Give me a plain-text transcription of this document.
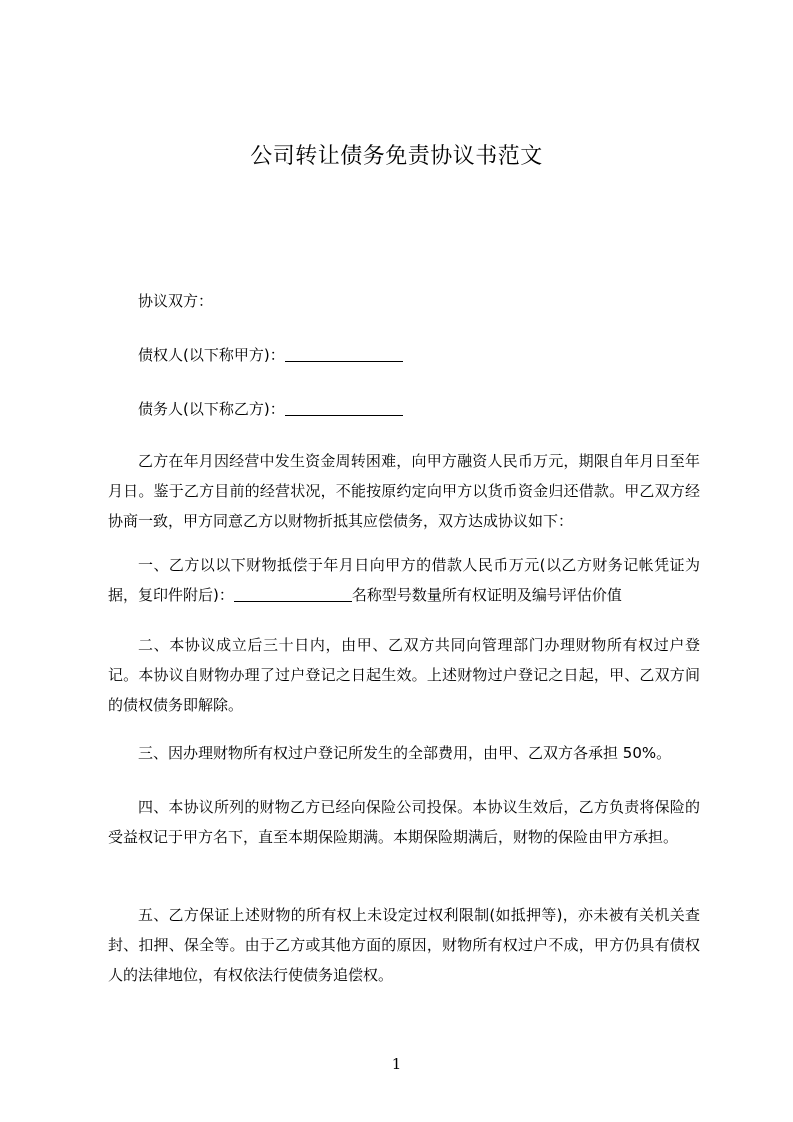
公司转让债务免责协议书范文

协议双方：

债权人(以下称甲方)：

债务人(以下称乙方)：

乙方在年月因经营中发生资金周转困难，向甲方融资人民币万元，期限自年月日至年月日。鉴于乙方目前的经营状况，不能按原约定向甲方以货币资金归还借款。甲乙双方经协商一致，甲方同意乙方以财物折抵其应偿债务，双方达成协议如下：

一、乙方以以下财物抵偿于年月日向甲方的借款人民币万元(以乙方财务记帐凭证为据，复印件附后)：	名称型号数量所有权证明及编号评估价值

二、本协议成立后三十日内，由甲、乙双方共同向管理部门办理财物所有权过户登记。本协议自财物办理了过户登记之日起生效。上述财物过户登记之日起，甲、乙双方间的债权债务即解除。

三、因办理财物所有权过户登记所发生的全部费用，由甲、乙双方各承担 50%。

四、本协议所列的财物乙方已经向保险公司投保。本协议生效后，乙方负责将保险的受益权记于甲方名下，直至本期保险期满。本期保险期满后，财物的保险由甲方承担。

五、乙方保证上述财物的所有权上未设定过权利限制(如抵押等)，亦未被有关机关查封、扣押、保全等。由于乙方或其他方面的原因，财物所有权过户不成，甲方仍具有债权人的法律地位，有权依法行使债务追偿权。

1
